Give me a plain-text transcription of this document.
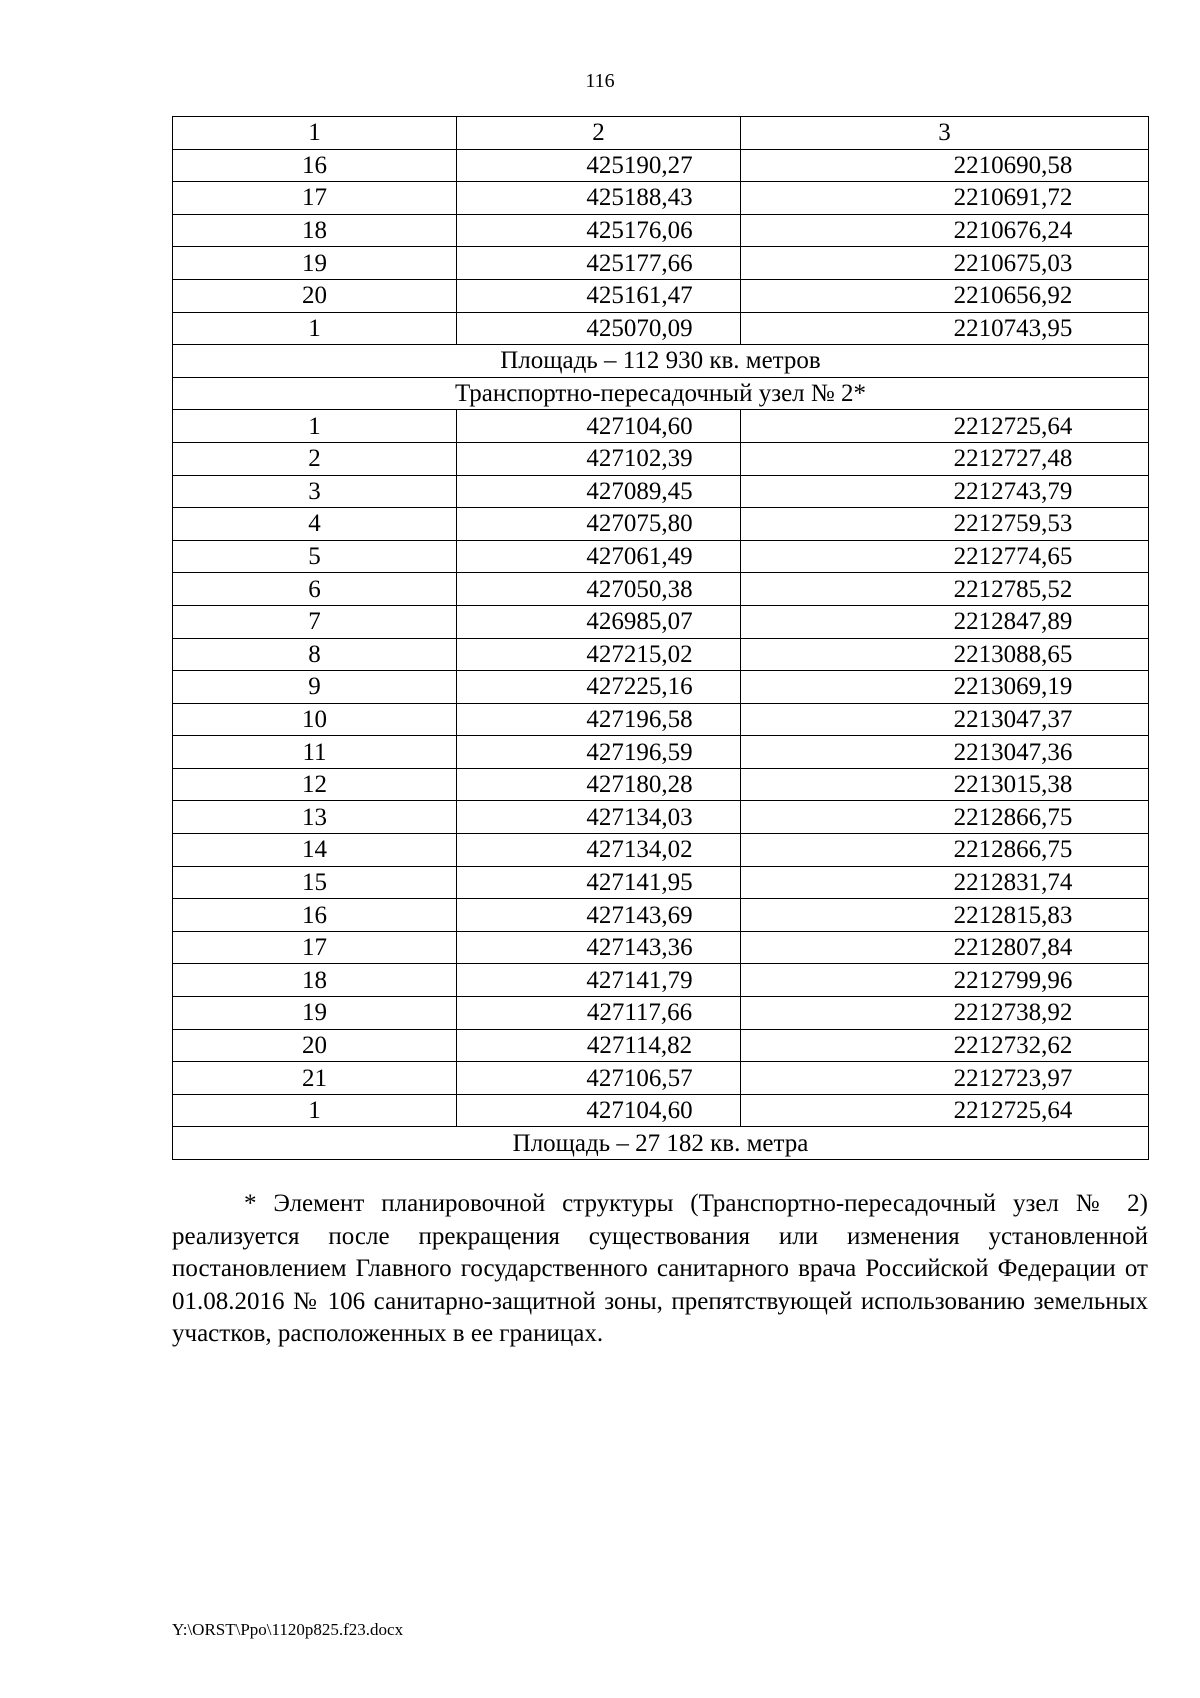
116
1	2	3
16	425190,27	2210690,58
17	425188,43	2210691,72
18	425176,06	2210676,24
19	425177,66	2210675,03
20	425161,47	2210656,92
1	425070,09	2210743,95
Площадь – 112 930 кв. метров		
Транспортно-пересадочный узел № 2*		
1	427104,60	2212725,64
2	427102,39	2212727,48
3	427089,45	2212743,79
4	427075,80	2212759,53
5	427061,49	2212774,65
6	427050,38	2212785,52
7	426985,07	2212847,89
8	427215,02	2213088,65
9	427225,16	2213069,19
10	427196,58	2213047,37
11	427196,59	2213047,36
12	427180,28	2213015,38
13	427134,03	2212866,75
14	427134,02	2212866,75
15	427141,95	2212831,74
16	427143,69	2212815,83
17	427143,36	2212807,84
18	427141,79	2212799,96
19	427117,66	2212738,92
20	427114,82	2212732,62
21	427106,57	2212723,97
1	427104,60	2212725,64
Площадь – 27 182 кв. метра		

* Элемент планировочной структуры (Транспортно-пересадочный узел № 2) реализуется после прекращения существования или изменения установленной постановлением Главного государственного санитарного врача Российской Федерации от 01.08.2016 № 106 санитарно-защитной зоны, препятствующей использованию земельных участков, расположенных в ее границах.

Y:\ORST\Ppo\1120p825.f23.docx
